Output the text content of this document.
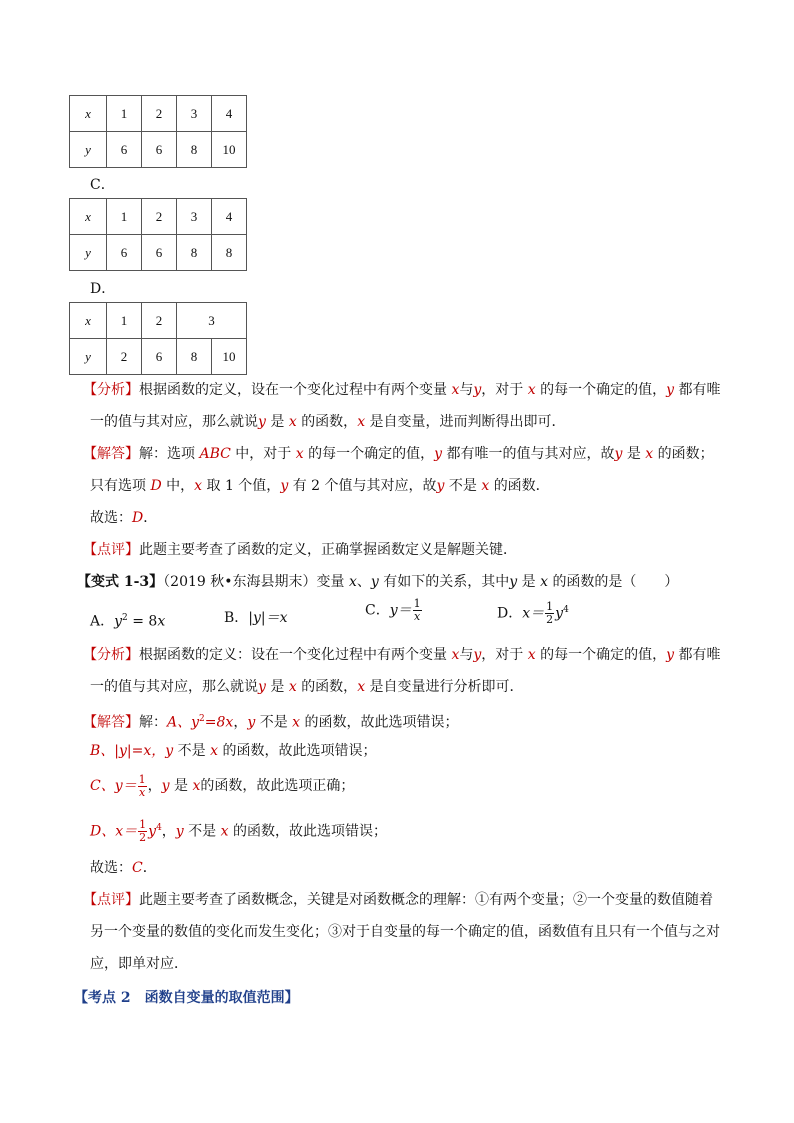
x	1	2	3	4
y	6	6	8	10
C．
x	1	2	3	4
y	6	6	8	8
D．
x	1	2	3	
y	2	6	8	10
【分析】根据函数的定义，设在一个变化过程中有两个变量 x与y，对于 x 的每一个确定的值，y 都有唯
一的值与其对应，那么就说y 是 x 的函数，x 是自变量，进而判断得出即可．
【解答】解：选项 ABC 中，对于 x 的每一个确定的值，y 都有唯一的值与其对应，故y 是 x 的函数；
只有选项 D 中，x 取 1 个值，y 有 2 个值与其对应，故y 不是 x 的函数．
故选：D．
【点评】此题主要考查了函数的定义，正确掌握函数定义是解题关键．
【变式 1-3】（2019 秋•东海县期末）变量 x、y 有如下的关系，其中y 是 x 的函数的是（　　）
A．$y^2 = 8x$	B．|y|＝x	C．$y= \frac{1}{x}$	D．$x= \frac{1}{2} y^4$
【分析】根据函数的定义：设在一个变化过程中有两个变量 x与y，对于 x 的每一个确定的值，y 都有唯
一的值与其对应，那么就说y 是 x 的函数，x 是自变量进行分析即可．
【解答】解：A、$y^2=8x$，y 不是 x 的函数，故此选项错误；
B、|y|=x，y 不是 x 的函数，故此选项错误；
C、$y= \frac{1}{x}$ ，y 是 x的函数，故此选项正确；
D、$x= \frac{1}{2} y^4$，y 不是 x 的函数，故此选项错误；
故选：C．
【点评】此题主要考查了函数概念，关键是对函数概念的理解：①有两个变量；②一个变量的数值随着
另一个变量的数值的变化而发生变化；③对于自变量的每一个确定的值，函数值有且只有一个值与之对
应，即单对应．
【考点 2　函数自变量的取值范围】
